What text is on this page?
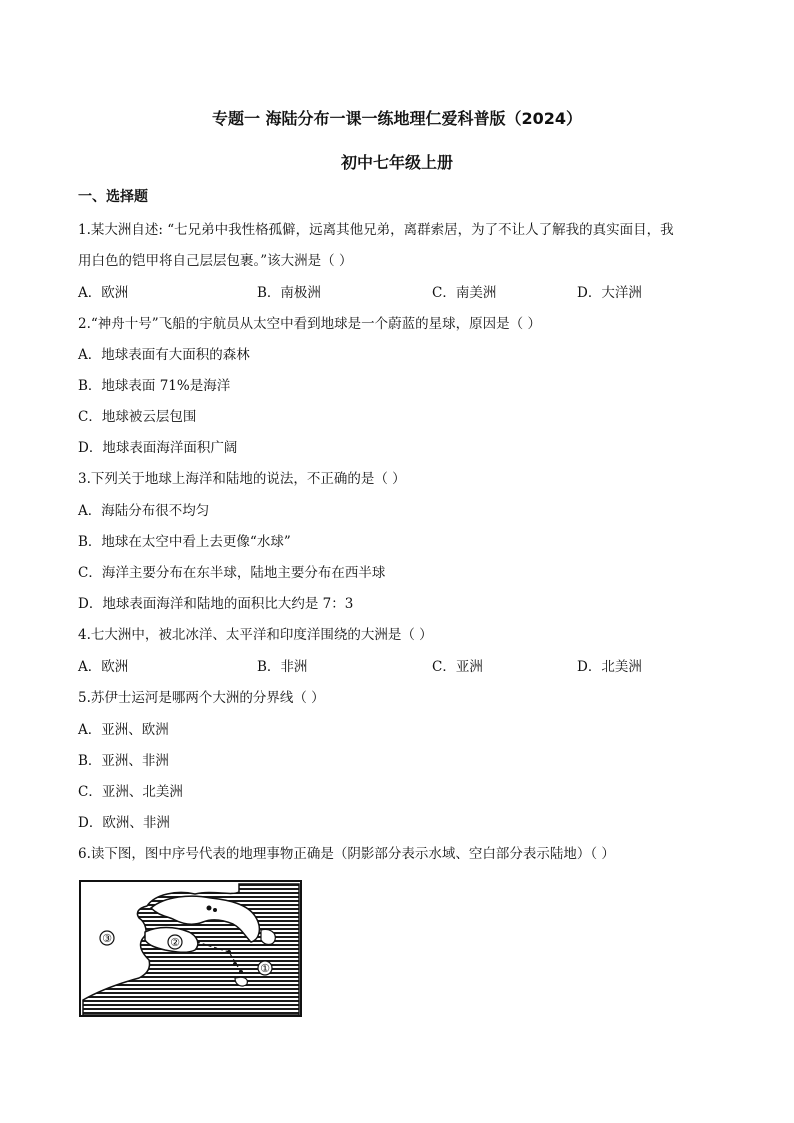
专题一 海陆分布一课一练地理仁爱科普版（2024）
初中七年级上册
一、选择题
1.某大洲自述: “七兄弟中我性格孤僻，远离其他兄弟，离群索居，为了不让人了解我的真实面目，我
用白色的铠甲将自己层层包裹。”该大洲是（ ）
A．欧洲	B．南极洲	C．南美洲	D．大洋洲
2.“神舟十号”飞船的宇航员从太空中看到地球是一个蔚蓝的星球，原因是（ ）
A．地球表面有大面积的森林
B．地球表面 71%是海洋
C．地球被云层包围
D．地球表面海洋面积广阔
3.下列关于地球上海洋和陆地的说法，不正确的是（ ）
A．海陆分布很不均匀
B．地球在太空中看上去更像“水球”
C．海洋主要分布在东半球，陆地主要分布在西半球
D．地球表面海洋和陆地的面积比大约是 7：3
4.七大洲中，被北冰洋、太平洋和印度洋围绕的大洲是（ ）
A．欧洲	B．非洲	C．亚洲	D．北美洲
5.苏伊士运河是哪两个大洲的分界线（ ）
A．亚洲、欧洲
B．亚洲、非洲
C．亚洲、北美洲
D．欧洲、非洲
6.读下图，图中序号代表的地理事物正确是（阴影部分表示水域、空白部分表示陆地）（ ）
③	②
①
